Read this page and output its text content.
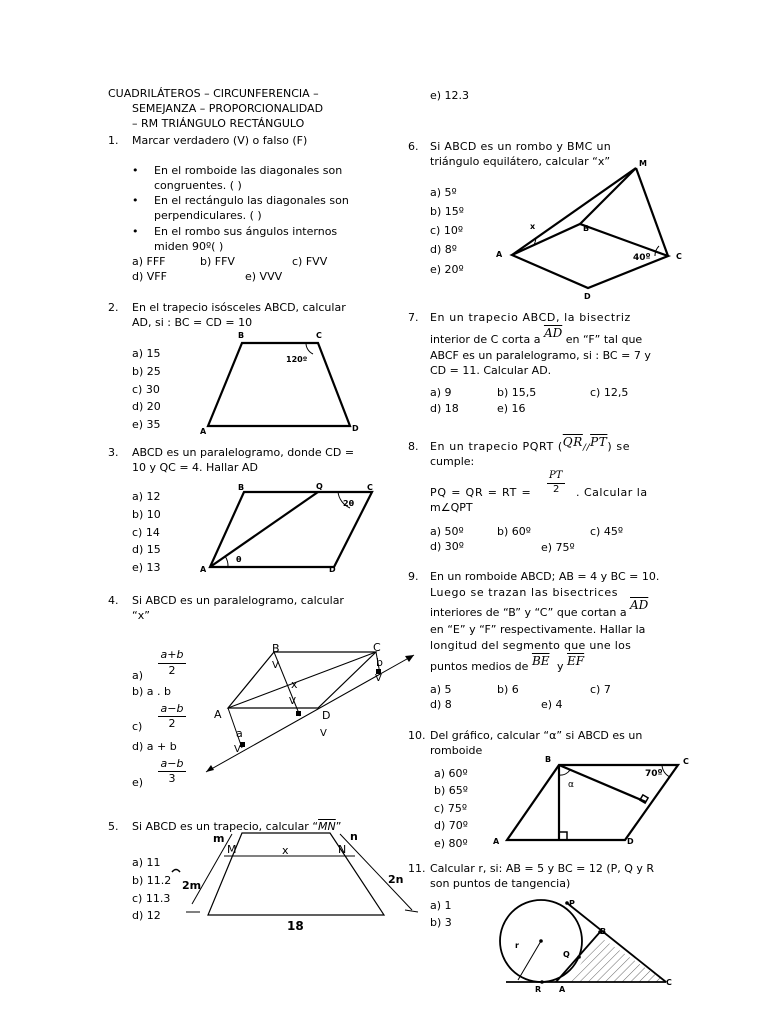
CUADRILÁTEROS – CIRCUNFERENCIA –
SEMEJANZA – PROPORCIONALIDAD
– RM TRIÁNGULO RECTÁNGULO
1. Marcar verdadero (V) o falso (F)
• En el romboide las diagonales son
congruentes. ( )
• En el rectángulo las diagonales son
perpendiculares. ( )
• En el rombo sus ángulos internos
miden 90º( )
a) FFF	b) FFV	c) FVV
d) VFF	e) VVV
2. En el trapecio isósceles ABCD, calcular
AD, si : BC = CD = 10
a) 15
b) 25
c) 30
d) 20
e) 35
B	C
A	D
120º
3. ABCD es un paralelogramo, donde CD =
10 y QC = 4. Hallar AD
a) 12
b) 10
c) 14
d) 15
e) 13
B	Q	C
A	D
2θ
θ
4. Si ABCD es un paralelogramo, calcular
“x”
a)
a+b
2
b) a . b
c)
a−b
2
d) a + b
e)
a−b
3
B	C
A	D
x
a
b
V
V
V
V
V
5. Si ABCD es un trapecio, calcular “$\overline{MN}$”
a) 11
b) 11.2
c) 11.3
d) 12
m	n
M	N
x
2m	2n
18
e) 12.3
6. Si ABCD es un rombo y BMC un
triángulo equilátero, calcular “x”
a) 5º
b) 15º
c) 10º
d) 8º
e) 20º
M
B
A	C
D
x
40º
7. En un trapecio ABCD, la bisectriz
interior de C corta a $\overline{AD}$ en “F” tal que
ABCF es un paralelogramo, si : BC = 7 y
CD = 11. Calcular AD.
a) 9	b) 15,5	c) 12,5
d) 18	e) 16
8. En un trapecio PQRT $(\overline{QR}//\overline{PT})$ se
cumple:
PT
2
PQ = QR = RT =	. Calcular la
m∠QPT
a) 50º	b) 60º	c) 45º
d) 30º	e) 75º
9. En un romboide ABCD; AB = 4 y BC = 10.
Luego se trazan las bisectrices
interiores de “B” y “C” que cortan a
$\overline{AD}$
en “E” y “F” respectivamente. Hallar la
longitud del segmento que une los
puntos medios de $\overline{BE}$ y $\overline{EF}$
a) 5	b) 6	c) 7
d) 8	e) 4
10. Del gráfico, calcular “α” si ABCD es un
romboide
a) 60º
b) 65º
c) 75º
d) 70º
e) 80º
B	C
A	D
α
70º
11. Calcular r, si: AB = 5 y BC = 12 (P, Q y R
son puntos de tangencia)
a) 1
b) 3
P
B
Q
r
R A
C
